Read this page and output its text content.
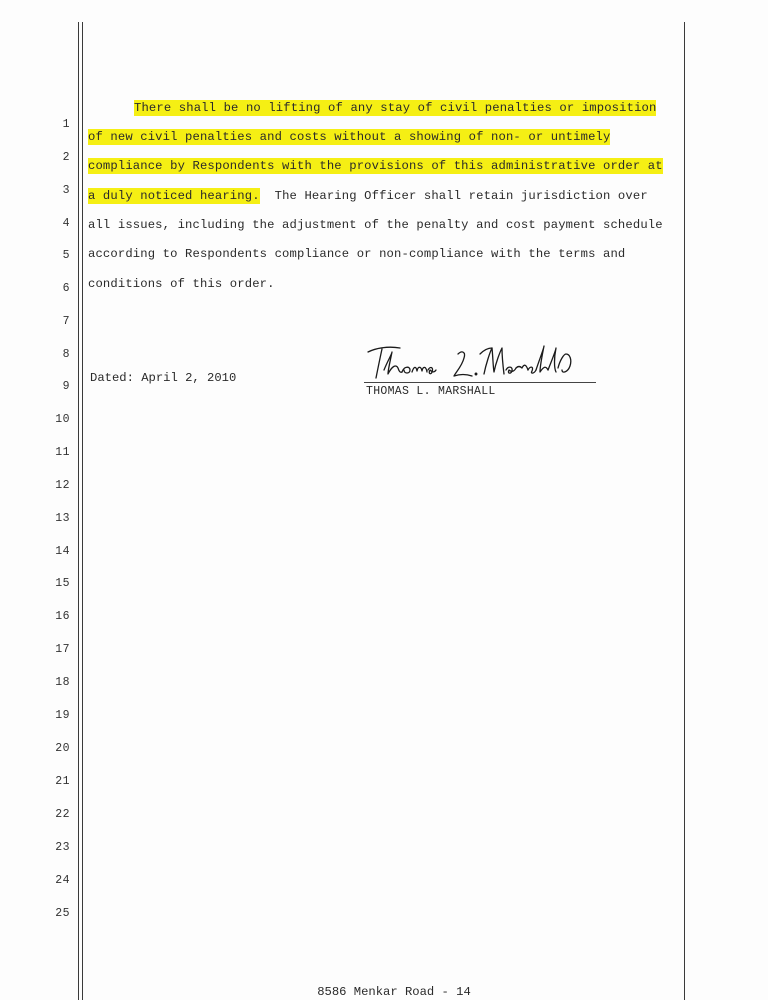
1
2
3
4
5
6
7
8
9
10
11
12
13
14
15
16
17
18
19
20
21
22
23
24
25
There shall be no lifting of any stay of civil penalties or imposition
of new civil penalties and costs without a showing of non- or untimely
compliance by Respondents with the provisions of this administrative order at
a duly noticed hearing.  The Hearing Officer shall retain jurisdiction over
all issues, including the adjustment of the penalty and cost payment schedule
according to Respondents compliance or non-compliance with the terms and
conditions of this order.
Dated: April 2, 2010
THOMAS L. MARSHALL
8586 Menkar Road - 14
